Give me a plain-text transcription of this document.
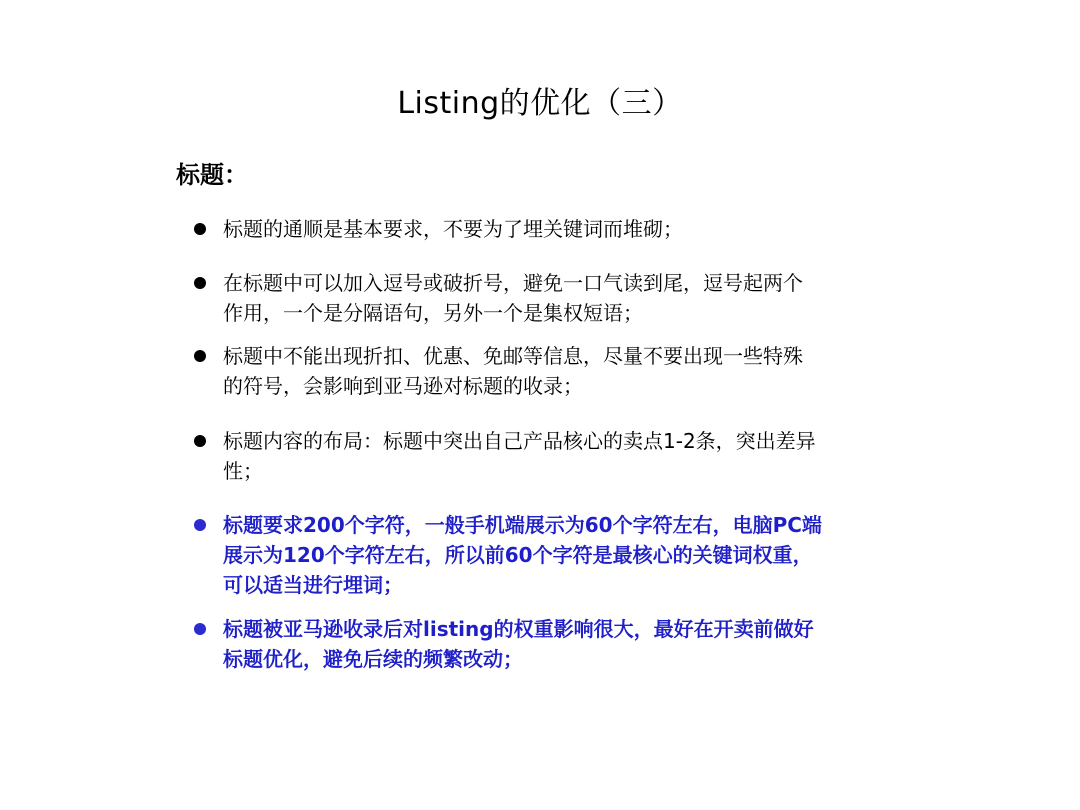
Listing的优化（三）
标题：
标题的通顺是基本要求，不要为了埋关键词而堆砌；
在标题中可以加入逗号或破折号，避免一口气读到尾，逗号起两个
作用，一个是分隔语句，另外一个是集权短语；
标题中不能出现折扣、优惠、免邮等信息，尽量不要出现一些特殊
的符号，会影响到亚马逊对标题的收录；
标题内容的布局：标题中突出自己产品核心的卖点1-2条，突出差异
性；
标题要求200个字符，一般手机端展示为60个字符左右，电脑PC端
展示为120个字符左右，所以前60个字符是最核心的关键词权重，
可以适当进行埋词；
标题被亚马逊收录后对listing的权重影响很大，最好在开卖前做好
标题优化，避免后续的频繁改动；
